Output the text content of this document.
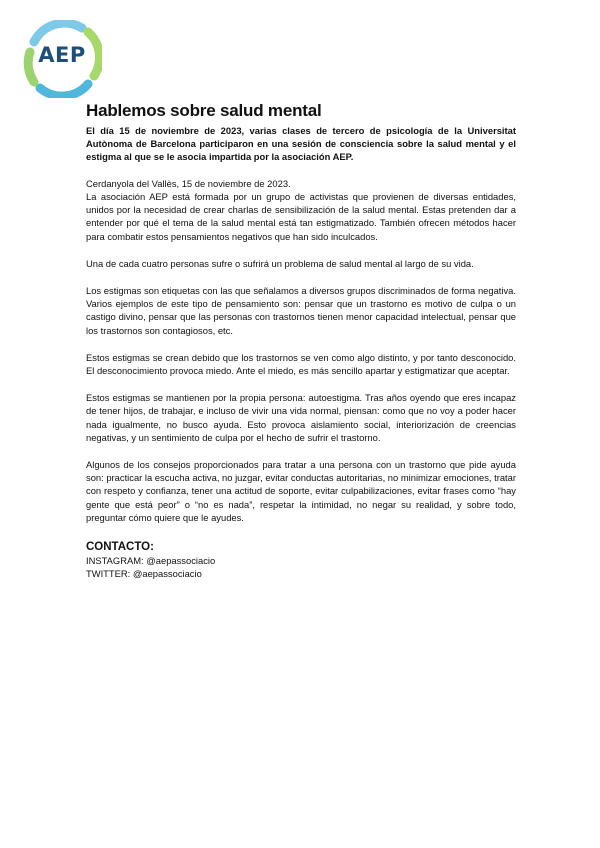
AEP
Hablemos sobre salud mental

El día 15 de noviembre de 2023, varias clases de tercero de psicología de la Universitat Autònoma de Barcelona participaron en una sesión de consciencia sobre la salud mental y el estigma al que se le asocia impartida por la asociación AEP.

Cerdanyola del Vallès, 15 de noviembre de 2023.

La asociación AEP está formada por un grupo de activistas que provienen de diversas entidades, unidos por la necesidad de crear charlas de sensibilización de la salud mental. Estas pretenden dar a entender por qué el tema de la salud mental está tan estigmatizado. También ofrecen métodos hacer para combatir estos pensamientos negativos que han sido inculcados.

Una de cada cuatro personas sufre o sufrirá un problema de salud mental al largo de su vida.

Los estigmas son etiquetas con las que señalamos a diversos grupos discriminados de forma negativa. Varios ejemplos de este tipo de pensamiento son: pensar que un trastorno es motivo de culpa o un castigo divino, pensar que las personas con trastornos tienen menor capacidad intelectual, pensar que los trastornos son contagiosos, etc.

Estos estigmas se crean debido que los trastornos se ven como algo distinto, y por tanto desconocido. El desconocimiento provoca miedo. Ante el miedo, es más sencillo apartar y estigmatizar que aceptar.

Estos estigmas se mantienen por la propia persona: autoestigma. Tras años oyendo que eres incapaz de tener hijos, de trabajar, e incluso de vivir una vida normal, piensan: como que no voy a poder hacer nada igualmente, no busco ayuda. Esto provoca aislamiento social, interiorización de creencias negativas, y un sentimiento de culpa por el hecho de sufrir el trastorno.

Algunos de los consejos proporcionados para tratar a una persona con un trastorno que pide ayuda son: practicar la escucha activa, no juzgar, evitar conductas autoritarias, no minimizar emociones, tratar con respeto y confianza, tener una actitud de soporte, evitar culpabilizaciones, evitar frases como “hay gente que está peor” o “no es nada”, respetar la intimidad, no negar su realidad, y sobre todo, preguntar cómo quiere que le ayudes.

CONTACTO:

INSTAGRAM: @aepassociacio

TWITTER: @aepassociacio
